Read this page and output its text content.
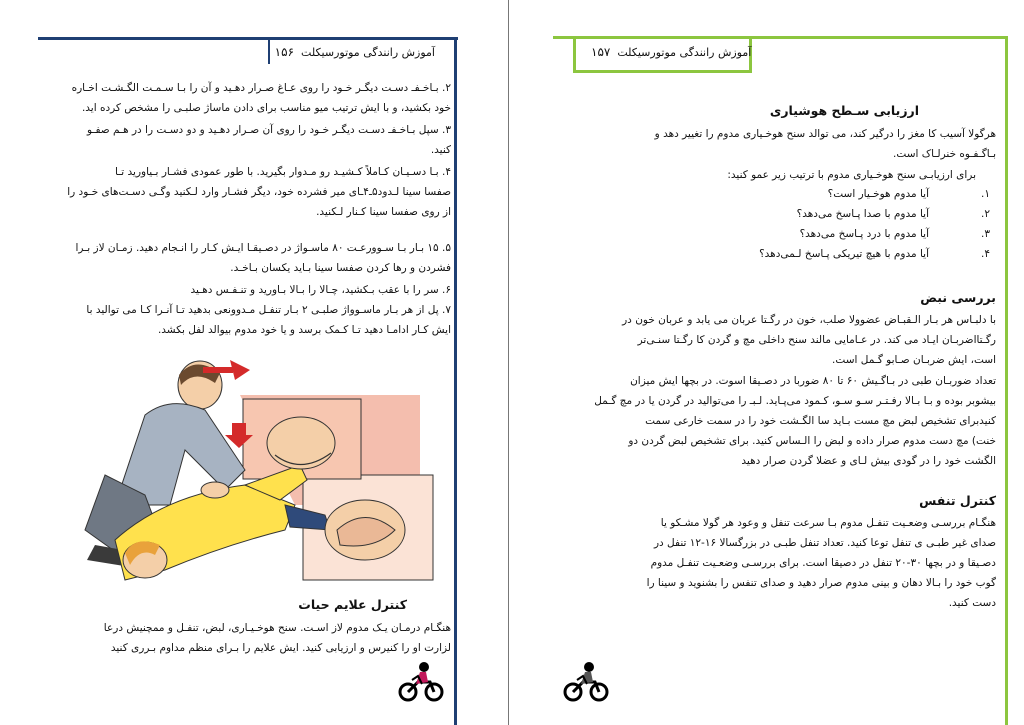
آموزش رانندگی موتورسیکلت  ۱۵۶
۲. بـاخـفـ دسـت دیگـر خـود را روی عـاغ صـرار دهـید و آن را بـا سـمـت الگـشـت اخـاره
خود بکشید، و با ایش ترتیب میو مناسب برای دادن ماساژ صلبـی را مشخص کرده اید.
۳. سپل بـاخـفـ دسـت دیگـر خـود را روی آن صـرار دهـید و دو دسـت را در هـم صفـو
کنید.
۴. بـا دسـیـان کـاملاً کـشیـد رو مـدوار بگیرید. با طور عمودی فشـار بـیاورید تـا
صفسا سینا لـدود۵ـ۴ـای میر فشرده خود، دیگر فشـار وارد لـکنید وگـی دسـت‌های خـود را
از روی صفسا سینا کـنار لـکنید.
۵. ۱۵ بـار بـا سـوورعـت ۸۰ ماسـواژ در دصـیقـا ایـش کـار را انـجام دهید. زمـان لاز بـرا
فشردن و رها کردن صفسا سینا بـاید یکسان بـاخـد.
۶. سر را با عقب بـکشید، چـالا را بـالا بـاورید و تنـفـس دهـید
۷. پل از هر بـار ماسـوواژ صلبـی ۲ بـار تنفـل مـدوونعی بدهید تـا آنـرا کـا می توالید با
ایش کـار ادامـا دهید تـا کـمک برسد و یا خود مدوم بیوالد لفل بکشد.
کنترل علایم حیات
هنگـام درمـان یـک مدوم لاز اسـت. سنح هوخـیـاری، لبض، تنفـل و ممچنیش درعا
لزارت او را کنیرس و ارزیابی کنید. ایش علایم را بـرای منظم مداوم بـرری کنید
آموزش رانندگی موتورسیکلت  ۱۵۷
ارزیابی سـطح هوشیاری
هرگولا آسیب کا مغز را درگیر کند، می توالد سنح هوخـیاری مدوم را تغییر دهد و
بـاگـفـوه خنرلـاک است.
برای ارزیابـی سنح هوخـیاری مدوم با ترتیب زیر عمو کنید:
آیا مدوم هوخـیار است؟	۱.
آیا مدوم با صدا پـاسخ می‌دهد؟	۲.
آیا مدوم با درد پـاسخ می‌دهد؟	۳.
آیا مدوم با هیچ تیریکی پـاسخ لـمی‌دهد؟	۴.
بررسی نبض
با دلبـاس هر بـار الـقبـاض عضوولا صلب، خون در رگـتا عربان می یابد و عربان خون در
رگـتااضربـان ایـاد می کند. در عـامایی مالند سنح داخلی مچ و گردن کا رگـتا سنـی‌تر
است، ایش ضربـان صـابو گـمل است.
تعداد ضوربـان طبی در بـاگـیش ۶۰ تا ۸۰ ضوربا در دصـیقا اسوت. در بچها ایش میزان
بیشوبر بوده و بـا بـالا رفـتـر سـو سـو، کـمود می‌پـاید. لـبـ را می‌توالید در گردن یا در مچ گـمل
کنیدبرای تشخیص لبض مچ مست بـاید سا الگـشت خود را در سمت خارعی سمت
خنت) مچ دست مدوم صرار داده و لبض را الـساس کنید. برای تشخیص لبض گردن دو
الگشت خود را در گودی بیش لـای و عضلا گردن صرار دهید
کنترل تنفس
هنگـام بررسـی وضعـیت تنفـل مدوم بـا سرعت تنفل و وعود هر گولا مشـکو یا
صدای غیر طبـی ی تنفل توعا کنید. تعداد تنفل طبـی در بزرگسالا ۱۶-۱۲ تنفل در
دصـیقا و در بچها ۳۰-۲۰ تنفل در دصیقا است. برای بررسـی وضعـیت تنفـل مدوم
گوب خود را بـالا دهان و بینی مدوم صرار دهید و صدای تنفس را بشنوید و سینا را
دست کنید.
